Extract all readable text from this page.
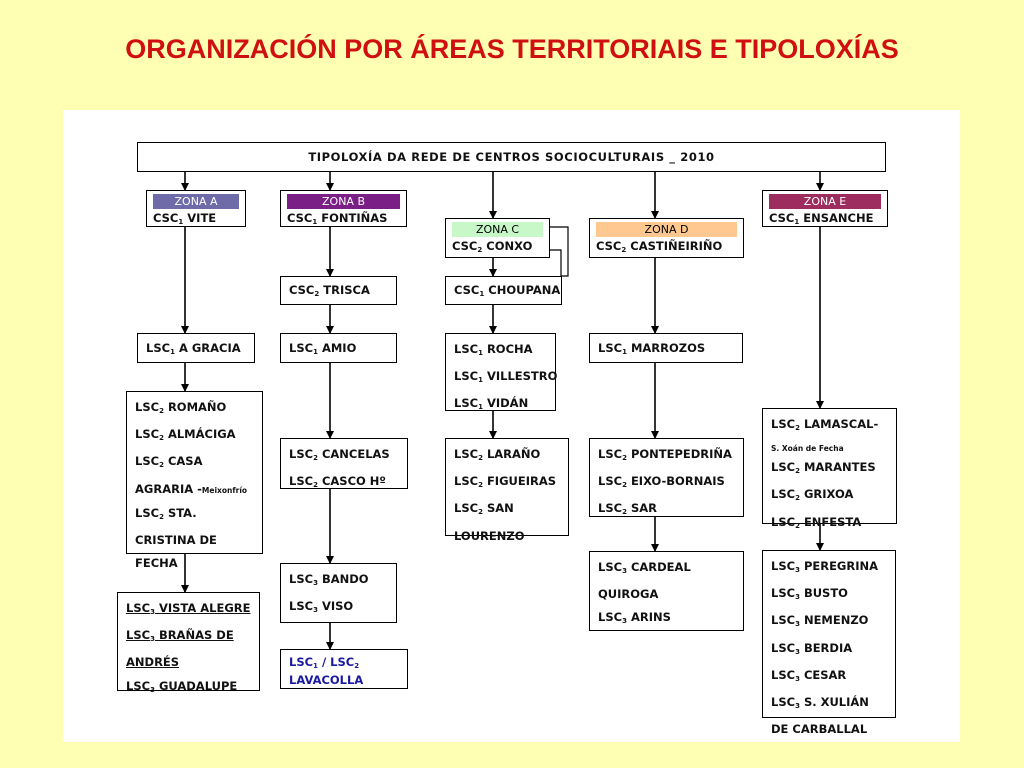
ORGANIZACIÓN POR ÁREAS TERRITORIAIS E TIPOLOXÍAS
TIPOLOXÍA DA REDE DE CENTROS SOCIOCULTURAIS _ 2010
ZONA A
$CSC_1$ VITE
$LSC_1$ A GRACIA
$LSC_2$ ROMAÑO
$LSC_2$ ALMÁCIGA
$LSC_2$ CASA
AGRARIA -Meixonfrío
$LSC_2$ STA.
CRISTINA DE
FECHA
$LSC_3$ VISTA ALEGRE
$LSC_3$ BRAÑAS DE
ANDRÉS
$LSC_3$ GUADALUPE
ZONA B
$CSC_1$ FONTIÑAS
$CSC_2$ TRISCA
$LSC_1$ AMIO
$LSC_2$ CANCELAS
$LSC_2$ CASCO Hº
$LSC_3$ BANDO
$LSC_3$ VISO
$LSC_1 / LSC_2$
LAVACOLLA
ZONA C
$CSC_2$ CONXO
$CSC_1$ CHOUPANA
$LSC_1$ ROCHA
$LSC_1$ VILLESTRO
$LSC_1$ VIDÁN
$LSC_2$ LARAÑO
$LSC_2$ FIGUEIRAS
$LSC_2$ SAN
LOURENZO
ZONA D
$CSC_2$ CASTIÑEIRIÑO
$LSC_1$ MARROZOS
$LSC_2$ PONTEPEDRIÑA
$LSC_2$ EIXO-BORNAIS
$LSC_2$ SAR
$LSC_3$ CARDEAL
QUIROGA
$LSC_3$ ARINS
ZONA E
$CSC_1$ ENSANCHE
$LSC_2$ LAMASCAL-
S. Xoán de Fecha
$LSC_2$ MARANTES
$LSC_2$ GRIXOA
$LSC_2$ ENFESTA
$LSC_3$ PEREGRINA
$LSC_3$ BUSTO
$LSC_3$ NEMENZO
$LSC_3$ BERDIA
$LSC_3$ CESAR
$LSC_3$ S. XULIÁN
DE CARBALLAL
